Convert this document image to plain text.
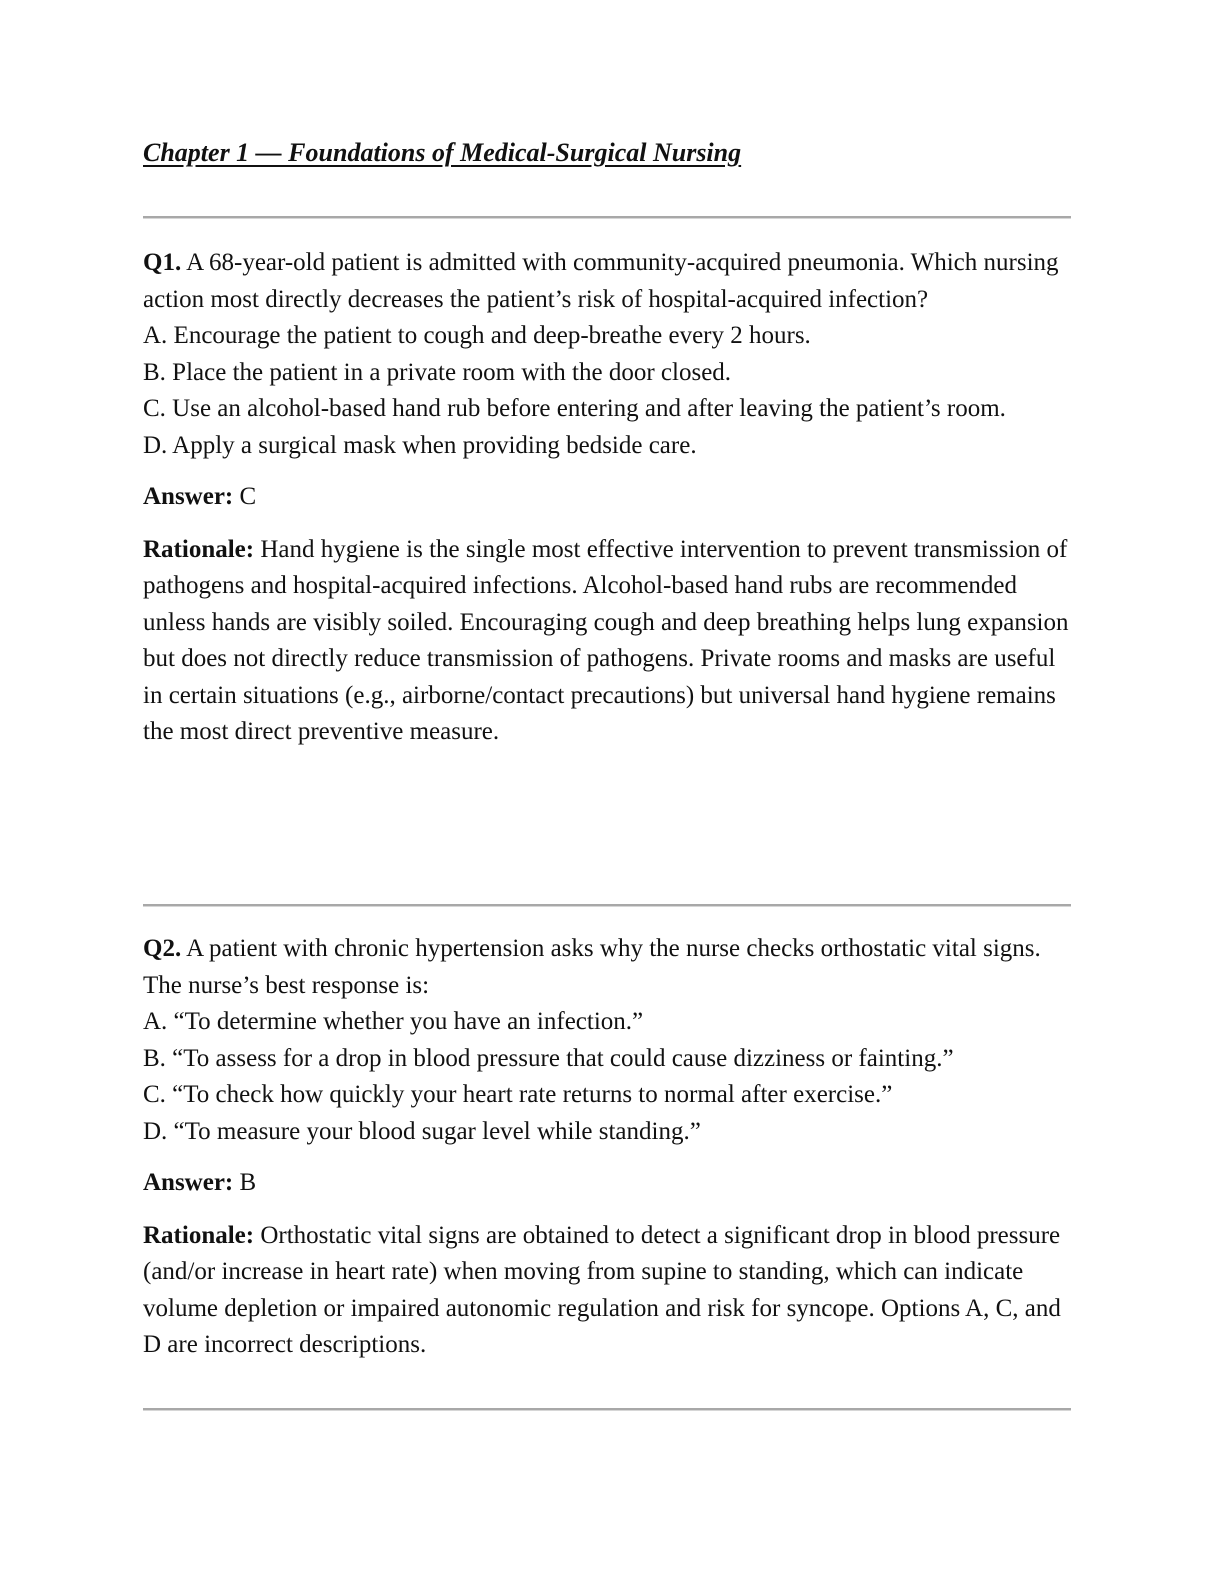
Chapter 1 — Foundations of Medical-Surgical Nursing

Q1. A 68-year-old patient is admitted with community-acquired pneumonia. Which nursing action most directly decreases the patient’s risk of hospital-acquired infection?

A. Encourage the patient to cough and deep-breathe every 2 hours.
B. Place the patient in a private room with the door closed.
C. Use an alcohol-based hand rub before entering and after leaving the patient’s room.
D. Apply a surgical mask when providing bedside care.

Answer: C

Rationale: Hand hygiene is the single most effective intervention to prevent transmission of pathogens and hospital-acquired infections. Alcohol-based hand rubs are recommended unless hands are visibly soiled. Encouraging cough and deep breathing helps lung expansion but does not directly reduce transmission of pathogens. Private rooms and masks are useful in certain situations (e.g., airborne/contact precautions) but universal hand hygiene remains the most direct preventive measure.

Q2. A patient with chronic hypertension asks why the nurse checks orthostatic vital signs. The nurse’s best response is:

A. “To determine whether you have an infection.”
B. “To assess for a drop in blood pressure that could cause dizziness or fainting.”
C. “To check how quickly your heart rate returns to normal after exercise.”
D. “To measure your blood sugar level while standing.”

Answer: B

Rationale: Orthostatic vital signs are obtained to detect a significant drop in blood pressure (and/or increase in heart rate) when moving from supine to standing, which can indicate volume depletion or impaired autonomic regulation and risk for syncope. Options A, C, and D are incorrect descriptions.
